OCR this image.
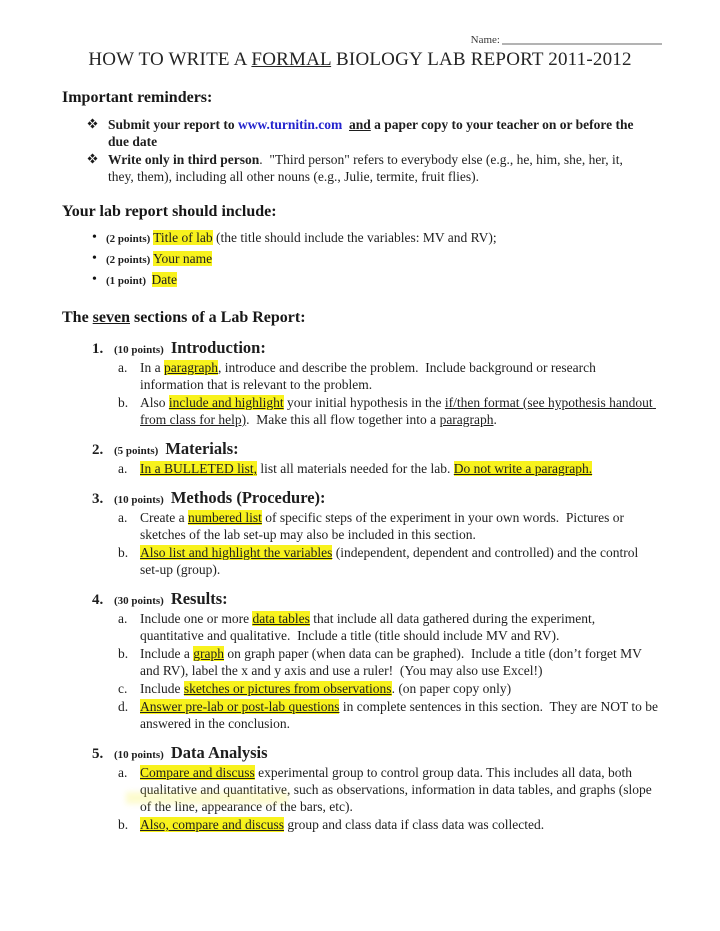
Name:
HOW TO WRITE A FORMAL BIOLOGY LAB REPORT 2011-2012
Important reminders:
Submit your report to www.turnitin.com and a paper copy to your teacher on or before the due date
Write only in third person.  "Third person" refers to everybody else (e.g., he, him, she, her, it, they, them), including all other nouns (e.g., Julie, termite, fruit flies).
Your lab report should include:
• (2 points) Title of lab (the title should include the variables: MV and RV);
• (2 points) Your name
• (1 point)  Date
The seven sections of a Lab Report:
1. (10 points) Introduction:
a. In a paragraph, introduce and describe the problem.  Include background or research information that is relevant to the problem.
b. Also include and highlight your initial hypothesis in the if/then format (see hypothesis handout from class for help).  Make this all flow together into a paragraph.
2. (5 points) Materials:
a. In a BULLETED list, list all materials needed for the lab. Do not write a paragraph.
3. (10 points) Methods (Procedure):
a. Create a numbered list of specific steps of the experiment in your own words.  Pictures or sketches of the lab set-up may also be included in this section.
b. Also list and highlight the variables (independent, dependent and controlled) and the control set-up (group).
4. (30 points) Results:
a. Include one or more data tables that include all data gathered during the experiment, quantitative and qualitative.  Include a title (title should include MV and RV).
b. Include a graph on graph paper (when data can be graphed).  Include a title (don’t forget MV and RV), label the x and y axis and use a ruler!  (You may also use Excel!)
c. Include sketches or pictures from observations. (on paper copy only)
d. Answer pre-lab or post-lab questions in complete sentences in this section.  They are NOT to be answered in the conclusion.
5. (10 points) Data Analysis
a. Compare and discuss experimental group to control group data. This includes all data, both qualitative and quantitative, such as observations, information in data tables, and graphs (slope of the line, appearance of the bars, etc).
b. Also, compare and discuss group and class data if class data was collected.
